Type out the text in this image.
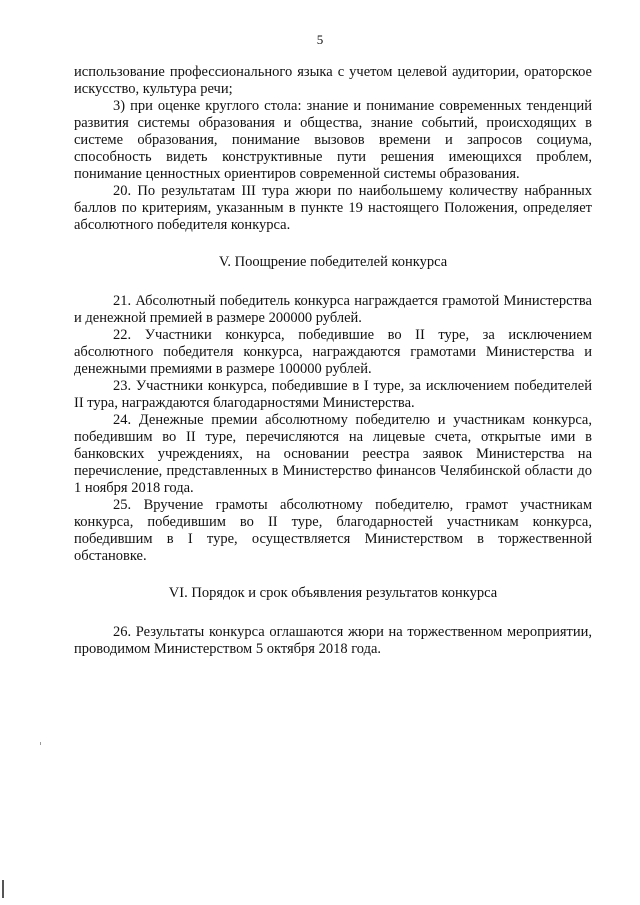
5

использование профессионального языка с учетом целевой аудитории, ораторское искусство, культура речи;

3) при оценке круглого стола: знание и понимание современных тенденций развития системы образования и общества, знание событий, происходящих в системе образования, понимание вызовов времени и запросов социума, способность видеть конструктивные пути решения имеющихся проблем, понимание ценностных ориентиров современной системы образования.

20. По результатам III тура жюри по наибольшему количеству набранных баллов по критериям, указанным в пункте 19 настоящего Положения, определяет абсолютного победителя конкурса.

V. Поощрение победителей конкурса

21. Абсолютный победитель конкурса награждается грамотой Министерства и денежной премией в размере 200000 рублей.

22. Участники конкурса, победившие во II туре, за исключением абсолютного победителя конкурса, награждаются грамотами Министерства и денежными премиями в размере 100000 рублей.

23. Участники конкурса, победившие в I туре, за исключением победителей II тура, награждаются благодарностями Министерства.

24. Денежные премии абсолютному победителю и участникам конкурса, победившим во II туре, перечисляются на лицевые счета, открытые ими в банковских учреждениях, на основании реестра заявок Министерства на перечисление, представленных в Министерство финансов Челябинской области до 1 ноября 2018 года.

25. Вручение грамоты абсолютному победителю, грамот участникам конкурса, победившим во II туре, благодарностей участникам конкурса, победившим в I туре, осуществляется Министерством в торжественной обстановке.

VI. Порядок и срок объявления результатов конкурса

26. Результаты конкурса оглашаются жюри на торжественном мероприятии, проводимом Министерством 5 октября 2018 года.
